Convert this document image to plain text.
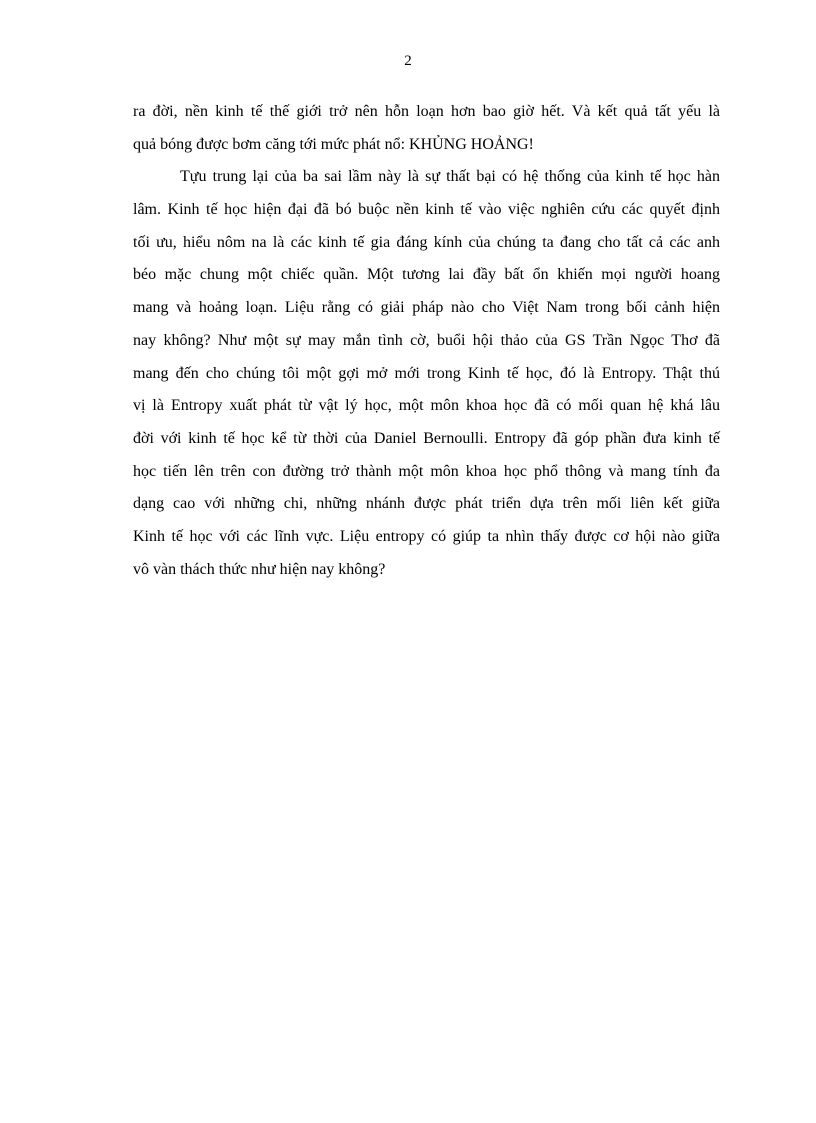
2
ra đời, nền kinh tế thế giới trở nên hỗn loạn hơn bao giờ hết. Và kết quả tất yếu là
quả bóng được bơm căng tới mức phát nổ: KHỦNG HOẢNG!
Tựu trung lại của ba sai lầm này là sự thất bại có hệ thống của kinh tế học hàn
lâm. Kinh tế học hiện đại đã bó buộc nền kinh tế vào việc nghiên cứu các quyết định
tối ưu, hiểu nôm na là các kinh tế gia đáng kính của chúng ta đang cho tất cả các anh
béo mặc chung một chiếc quần. Một tương lai đầy bất ổn khiến mọi người hoang
mang và hoảng loạn. Liệu rằng có giải pháp nào cho Việt Nam trong bối cảnh hiện
nay không? Như một sự may mắn tình cờ, buổi hội thảo của GS Trần Ngọc Thơ đã
mang đến cho chúng tôi một gợi mở mới trong Kinh tế học, đó là Entropy. Thật thú
vị là Entropy xuất phát từ vật lý học, một môn khoa học đã có mối quan hệ khá lâu
đời với kinh tế học kể từ thời của Daniel Bernoulli. Entropy đã góp phần đưa kinh tế
học tiến lên trên con đường trở thành một môn khoa học phổ thông và mang tính đa
dạng cao với những chi, những nhánh được phát triển dựa trên mối liên kết giữa
Kinh tế học với các lĩnh vực. Liệu entropy có giúp ta nhìn thấy được cơ hội nào giữa
vô vàn thách thức như hiện nay không?
